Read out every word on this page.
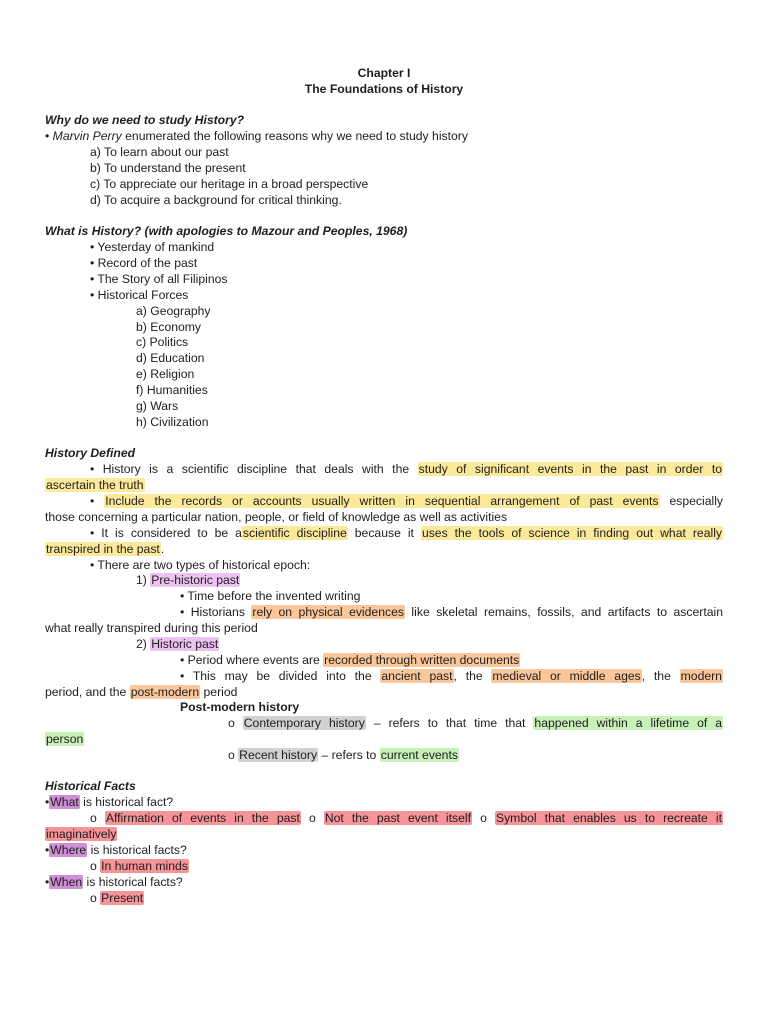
Chapter I
The Foundations of History
Why do we need to study History?
• Marvin Perry enumerated the following reasons why we need to study history
a) To learn about our past
b) To understand the present
c) To appreciate our heritage in a broad perspective
d) To acquire a background for critical thinking.
What is History? (with apologies to Mazour and Peoples, 1968)
• Yesterday of mankind
• Record of the past
• The Story of all Filipinos
• Historical Forces
a) Geography
b) Economy
c) Politics
d) Education
e) Religion
f) Humanities
g) Wars
h) Civilization
History Defined
• History is a scientific discipline that deals with the study of significant events in the past in order to
ascertain the truth
• Include the records or accounts usually written in sequential arrangement of past events especially
those concerning a particular nation, people, or field of knowledge as well as activities
• It is considered to be ascientific discipline because it uses the tools of science in finding out what really
transpired in the past.
• There are two types of historical epoch:
1) Pre-historic past
• Time before the invented writing
• Historians rely on physical evidences like skeletal remains, fossils, and artifacts to ascertain
what really transpired during this period
2) Historic past
• Period where events are recorded through written documents
• This may be divided into the ancient past, the medieval or middle ages, the modern
period, and the post-modern period
Post-modern history
o Contemporary history – refers to that time that happened within a lifetime of a
person
o Recent history – refers to current events
Historical Facts
•What is historical fact?
o Affirmation of events in the past o Not the past event itself o Symbol that enables us to recreate it
imaginatively
•Where is historical facts?
o In human minds
•When is historical facts?
o Present
